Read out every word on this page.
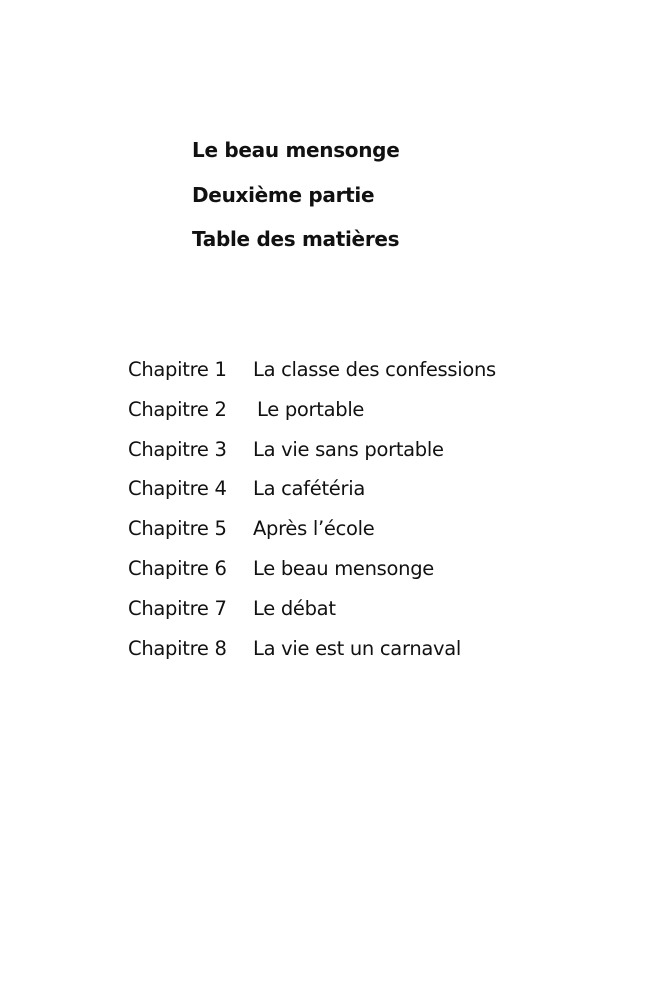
Le beau mensonge
Deuxième partie
Table des matières
Chapitre 1	La classe des confessions
Chapitre 2	Le portable
Chapitre 3	La vie sans portable
Chapitre 4	La cafétéria
Chapitre 5	Après l’école
Chapitre 6	Le beau mensonge
Chapitre 7	Le débat
Chapitre 8	La vie est un carnaval
